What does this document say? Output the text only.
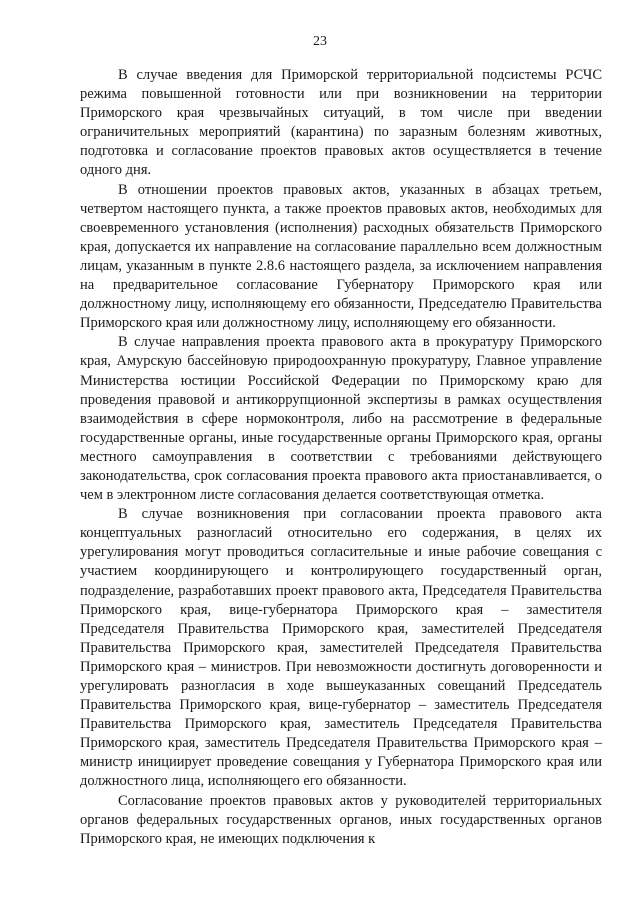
23

В случае введения для Приморской территориальной подсистемы РСЧС режима повышенной готовности или при возникновении на территории Приморского края чрезвычайных ситуаций, в том числе при введении ограничительных мероприятий (карантина) по заразным болезням животных, подготовка и согласование проектов правовых актов осуществляется в течение одного дня.

В отношении проектов правовых актов, указанных в абзацах третьем, четвертом настоящего пункта, а также проектов правовых актов, необходимых для своевременного установления (исполнения) расходных обязательств Приморского края, допускается их направление на согласование параллельно всем должностным лицам, указанным в пункте 2.8.6 настоящего раздела, за исключением направления на предварительное согласование Губернатору Приморского края или должностному лицу, исполняющему его обязанности, Председателю Правительства Приморского края или должностному лицу, исполняющему его обязанности.

В случае направления проекта правового акта в прокуратуру Приморского края, Амурскую бассейновую природоохранную прокуратуру, Главное управление Министерства юстиции Российской Федерации по Приморскому краю для проведения правовой и антикоррупционной экспертизы в рамках осуществления взаимодействия в сфере нормоконтроля, либо на рассмотрение в федеральные государственные органы, иные государственные органы Приморского края, органы местного самоуправления в соответствии с требованиями действующего законодательства, срок согласования проекта правового акта приостанавливается, о чем в электронном листе согласования делается соответствующая отметка.

В случае возникновения при согласовании проекта правового акта концептуальных разногласий относительно его содержания, в целях их урегулирования могут проводиться согласительные и иные рабочие совещания с участием координирующего и контролирующего государственный орган, подразделение, разработавших проект правового акта, Председателя Правительства Приморского края, вице-губернатора Приморского края – заместителя Председателя Правительства Приморского края, заместителей Председателя Правительства Приморского края, заместителей Председателя Правительства Приморского края – министров. При невозможности достигнуть договоренности и урегулировать разногласия в ходе вышеуказанных совещаний Председатель Правительства Приморского края, вице-губернатор – заместитель Председателя Правительства Приморского края, заместитель Председателя Правительства Приморского края, заместитель Председателя Правительства Приморского края – министр инициирует проведение совещания у Губернатора Приморского края или должностного лица, исполняющего его обязанности.

Согласование проектов правовых актов у руководителей территориальных органов федеральных государственных органов, иных государственных органов Приморского края, не имеющих подключения к
